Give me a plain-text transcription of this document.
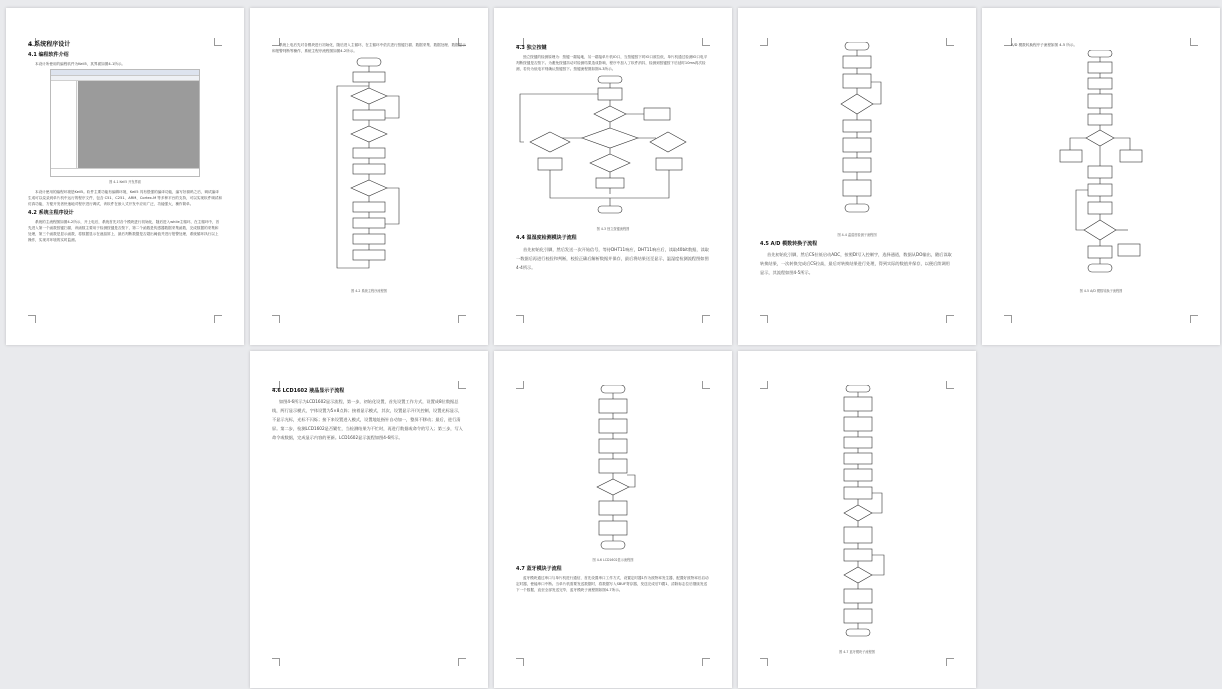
4 系统程序设计
4.1 编程软件介绍
本设计所使用的编程软件为Keil5，其界面如图4-1所示。
图 4-1 Keil5 开发界面
本设计使用的编程环境是Keil5。软件主要功能有编辑环境，Keil5 具有很强的编译功能，编写好源码之后，调试编译生成可以烧录到单片机中运行的程序文件，包含 C51、C251、ARM、Cortex-M 等多种平台的支持，可以实现软件调试和仿真功能，方便开发者快速地对程序进行调试，该软件在嵌入式开发中应用广泛，功能强大，操作简单。
4.2 系统主程序设计
系统的主流程图如图4-2所示，开上电后，系统首先对各个模块进行初始化，随后进入while主循环，在主循环中，首先进入第一个函数按键扫描，该函数主要用于检测按键是否按下，第二个函数是传感器数据采集函数，完成数据的采集和处理，第三个函数是显示函数，将数据显示在液晶屏上，最后判断数据是否超出阈值并进行报警处理，系统循环执行以上操作，实现对环境的实时监测。
系统上电后先对各模块进行初始化，随后进入主循环，在主循环中依次进行按键扫描、数据采集、数据处理、数据显示和报警判断等操作，系统主程序流程图如图4-2所示。
图 4-2 系统主程序流程图
4.3 独立按键
独立按键的检测原理为：按键一端接地，另一端接单片机IO口，当按键按下时IO口被拉低，单片机通过检测IO口电平判断按键是否按下。为避免按键抖动对检测结果造成影响，程序中加入了软件消抖，检测到按键按下后延时10ms再次检测，若仍为低电平则确认按键按下。按键流程图如图4-3所示。
图 4-3 独立按键流程图
4.4 温湿度检测模块子流程
首先初始化引脚，然后发送一次开始信号，等待DHT11响应，DHT11响应后，读取40bit数据，读取一数据后再进行校验和判断，校验正确后解析数据并保存，最后将结果送至显示，温湿度检测流程图如图4-4所示。
图 4-4 温湿度检测子流程图
4.5 A/D 模数转换子流程
首先初始化引脚，然后CS拉低启动ADC，按照DI写入控制字，选择通道，数据从DO输出，随后读取转换结果，一次转换完成后CS拉高，最后对转换结果进行处理，得到实际的数值并保存，以便后续调用显示，其流程如图4-5所示。
A/D 模数转换程序子流程如图 4-5 所示。
图 4-5 A/D 模数转换子流程图
4.6 LCD1602 液晶显示子流程
如图4-6所示为LCD1602显示流程，第一步，初始化设置，首先设置工作方式，设置成8位数据总线，两行显示模式，字体设置为5×8点阵；接着显示模式，其次，设置显示开/关控制，设置光标显示，不显示光标，光标不闪烁；接下来设置进入模式，设置地址指针自动加一，整屏不移动；最后，进行清屏。第二步，检测LCD1602是否繁忙，当检测结果为不忙时，再进行数据或命令的写入；第三步，写入命令或数据，完成显示内容的更新。LCD1602显示流程如图4-6所示。
图 4-6 LCD1602显示流程图
4.7 蓝牙模块子流程
蓝牙模块通过串口与单片机进行通信，首先设置串口工作方式，设置定时器1作为波特率发生器，配置好波特率后启动定时器，使能串口中断。当单片机需要发送数据时，将数据写入SBUF寄存器，发送完成后TI置1，清除标志位后继续发送下一个数据，直至全部发送完毕，蓝牙模块子流程图如图4-7所示。
图 4-7 蓝牙模块子流程图
